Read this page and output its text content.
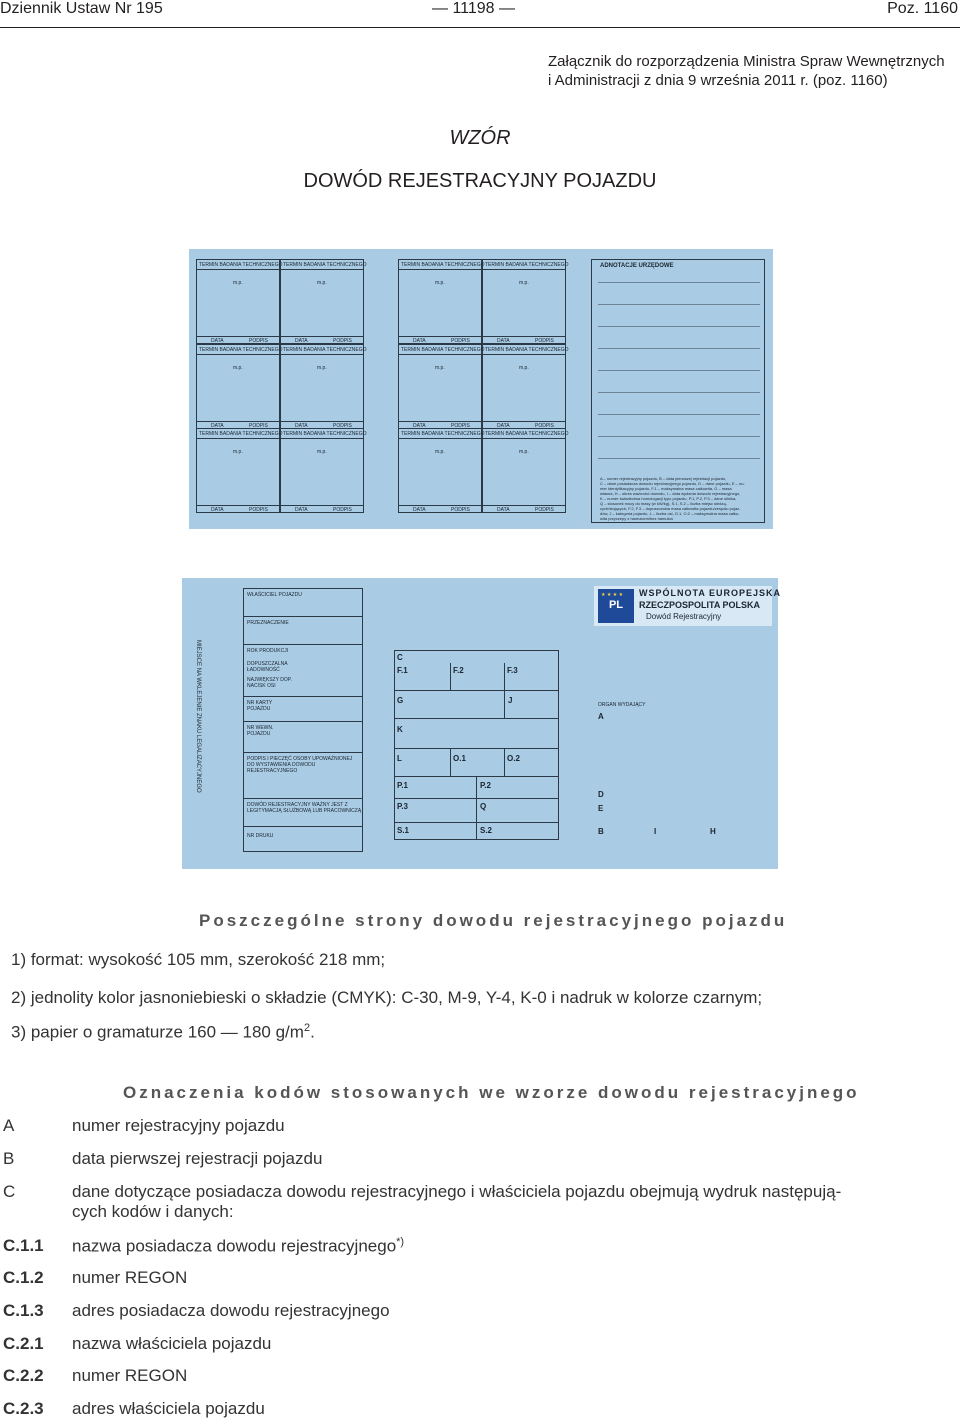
Dziennik Ustaw Nr 195	— 11198 —	Poz. 1160
Załącznik do rozporządzenia Ministra Spraw Wewnętrznych
i Administracji z dnia 9 września 2011 r. (poz. 1160)
WZÓR
DOWÓD REJESTRACYJNY POJAZDU
TERMIN BADANIA TECHNICZNEGO
m.p.
DATA	PODPIS
TERMIN BADANIA TECHNICZNEGO
m.p.
DATA	PODPIS
TERMIN BADANIA TECHNICZNEGO
m.p.
DATA	PODPIS
TERMIN BADANIA TECHNICZNEGO
m.p.
DATA	PODPIS
TERMIN BADANIA TECHNICZNEGO
m.p.
DATA	PODPIS
TERMIN BADANIA TECHNICZNEGO
m.p.
DATA	PODPIS
TERMIN BADANIA TECHNICZNEGO
m.p.
DATA	PODPIS
TERMIN BADANIA TECHNICZNEGO
m.p.
DATA	PODPIS
TERMIN BADANIA TECHNICZNEGO
m.p.
DATA	PODPIS
TERMIN BADANIA TECHNICZNEGO
m.p.
DATA	PODPIS
TERMIN BADANIA TECHNICZNEGO
m.p.
DATA	PODPIS
TERMIN BADANIA TECHNICZNEGO
m.p.
DATA	PODPIS
ADNOTACJE URZĘDOWE
A – numer rejestracyjny pojazdu, B – data pierwszej rejestracji pojazdu,
C – dane posiadacza dowodu rejestracyjnego pojazdu, D – dane pojazdu, E – nu-
mer identyfikacyjny pojazdu, F.1 – maksymalna masa całkowita, G – masa
własna, H – okres ważności dowodu, I – data wydania dowodu rejestracyjnego,
K – numer świadectwa homologacji typu pojazdu, P.1, P.2, P.3 – dane silnika,
Q – stosunek mocy do masy (w kW/kg), S.1, S.2 – liczba miejsc siedzą-
cych/stojących, F.2, F.3 – dopuszczalna masa całkowita pojazdu/zespołu pojaz-
dów, J – kategoria pojazdu, L – liczba osi, O.1, O.2 – maksymalna masa całko-
wita przyczepy z hamulcem/bez hamulca
WŁAŚCICIEL POJAZDU
PRZEZNACZENIE
ROK PRODUKCJI
DOPUSZCZALNA ŁADOWNOŚĆ
NAJWIĘKSZY DOP. NACISK OSI
NR KARTY POJAZDU
NR WEWN. POJAZDU
PODPIS I PIECZĘĆ OSOBY UPOWAŻNIONEJ DO WYSTAWIENIA DOWODU REJESTRACYJNEGO
DOWÓD REJESTRACYJNY WAŻNY JEST Z LEGITYMACJĄ SŁUŻBOWĄ LUB PRACOWNICZĄ
NR DRUKU
MIEJSCE NA WKLEJENIE ZNAKU LEGALIZACYJNEGO	C
F.1	F.2	F.3
G	J
K
L	O.1	O.2
P.1	P.2
P.3	Q
S.1	S.2
PL
★ ★ ★ ★ WSPÓLNOTA EUROPEJSKA
RZECZPOSPOLITA POLSKA
Dowód Rejestracyjny
ORGAN WYDAJĄCY
A
D
E
B	I	H
Poszczególne strony dowodu rejestracyjnego pojazdu
1) format: wysokość 105 mm, szerokość 218 mm;
2) jednolity kolor jasnoniebieski o składzie (CMYK): C-30, M-9, Y-4, K-0 i nadruk w kolorze czarnym;
3) papier o gramaturze 160 — 180 $g/m^2$.
Oznaczenia kodów stosowanych we wzorze dowodu rejestracyjnego
A	numer rejestracyjny pojazdu
B	data pierwszej rejestracji pojazdu
C	dane dotyczące posiadacza dowodu rejestracyjnego i właściciela pojazdu obejmują wydruk następują-
cych kodów i danych:
C.1.1 nazwa posiadacza dowodu rejestracyjnego*)
C.1.2 numer REGON
C.1.3 adres posiadacza dowodu rejestracyjnego
C.2.1 nazwa właściciela pojazdu
C.2.2 numer REGON
C.2.3 adres właściciela pojazdu
